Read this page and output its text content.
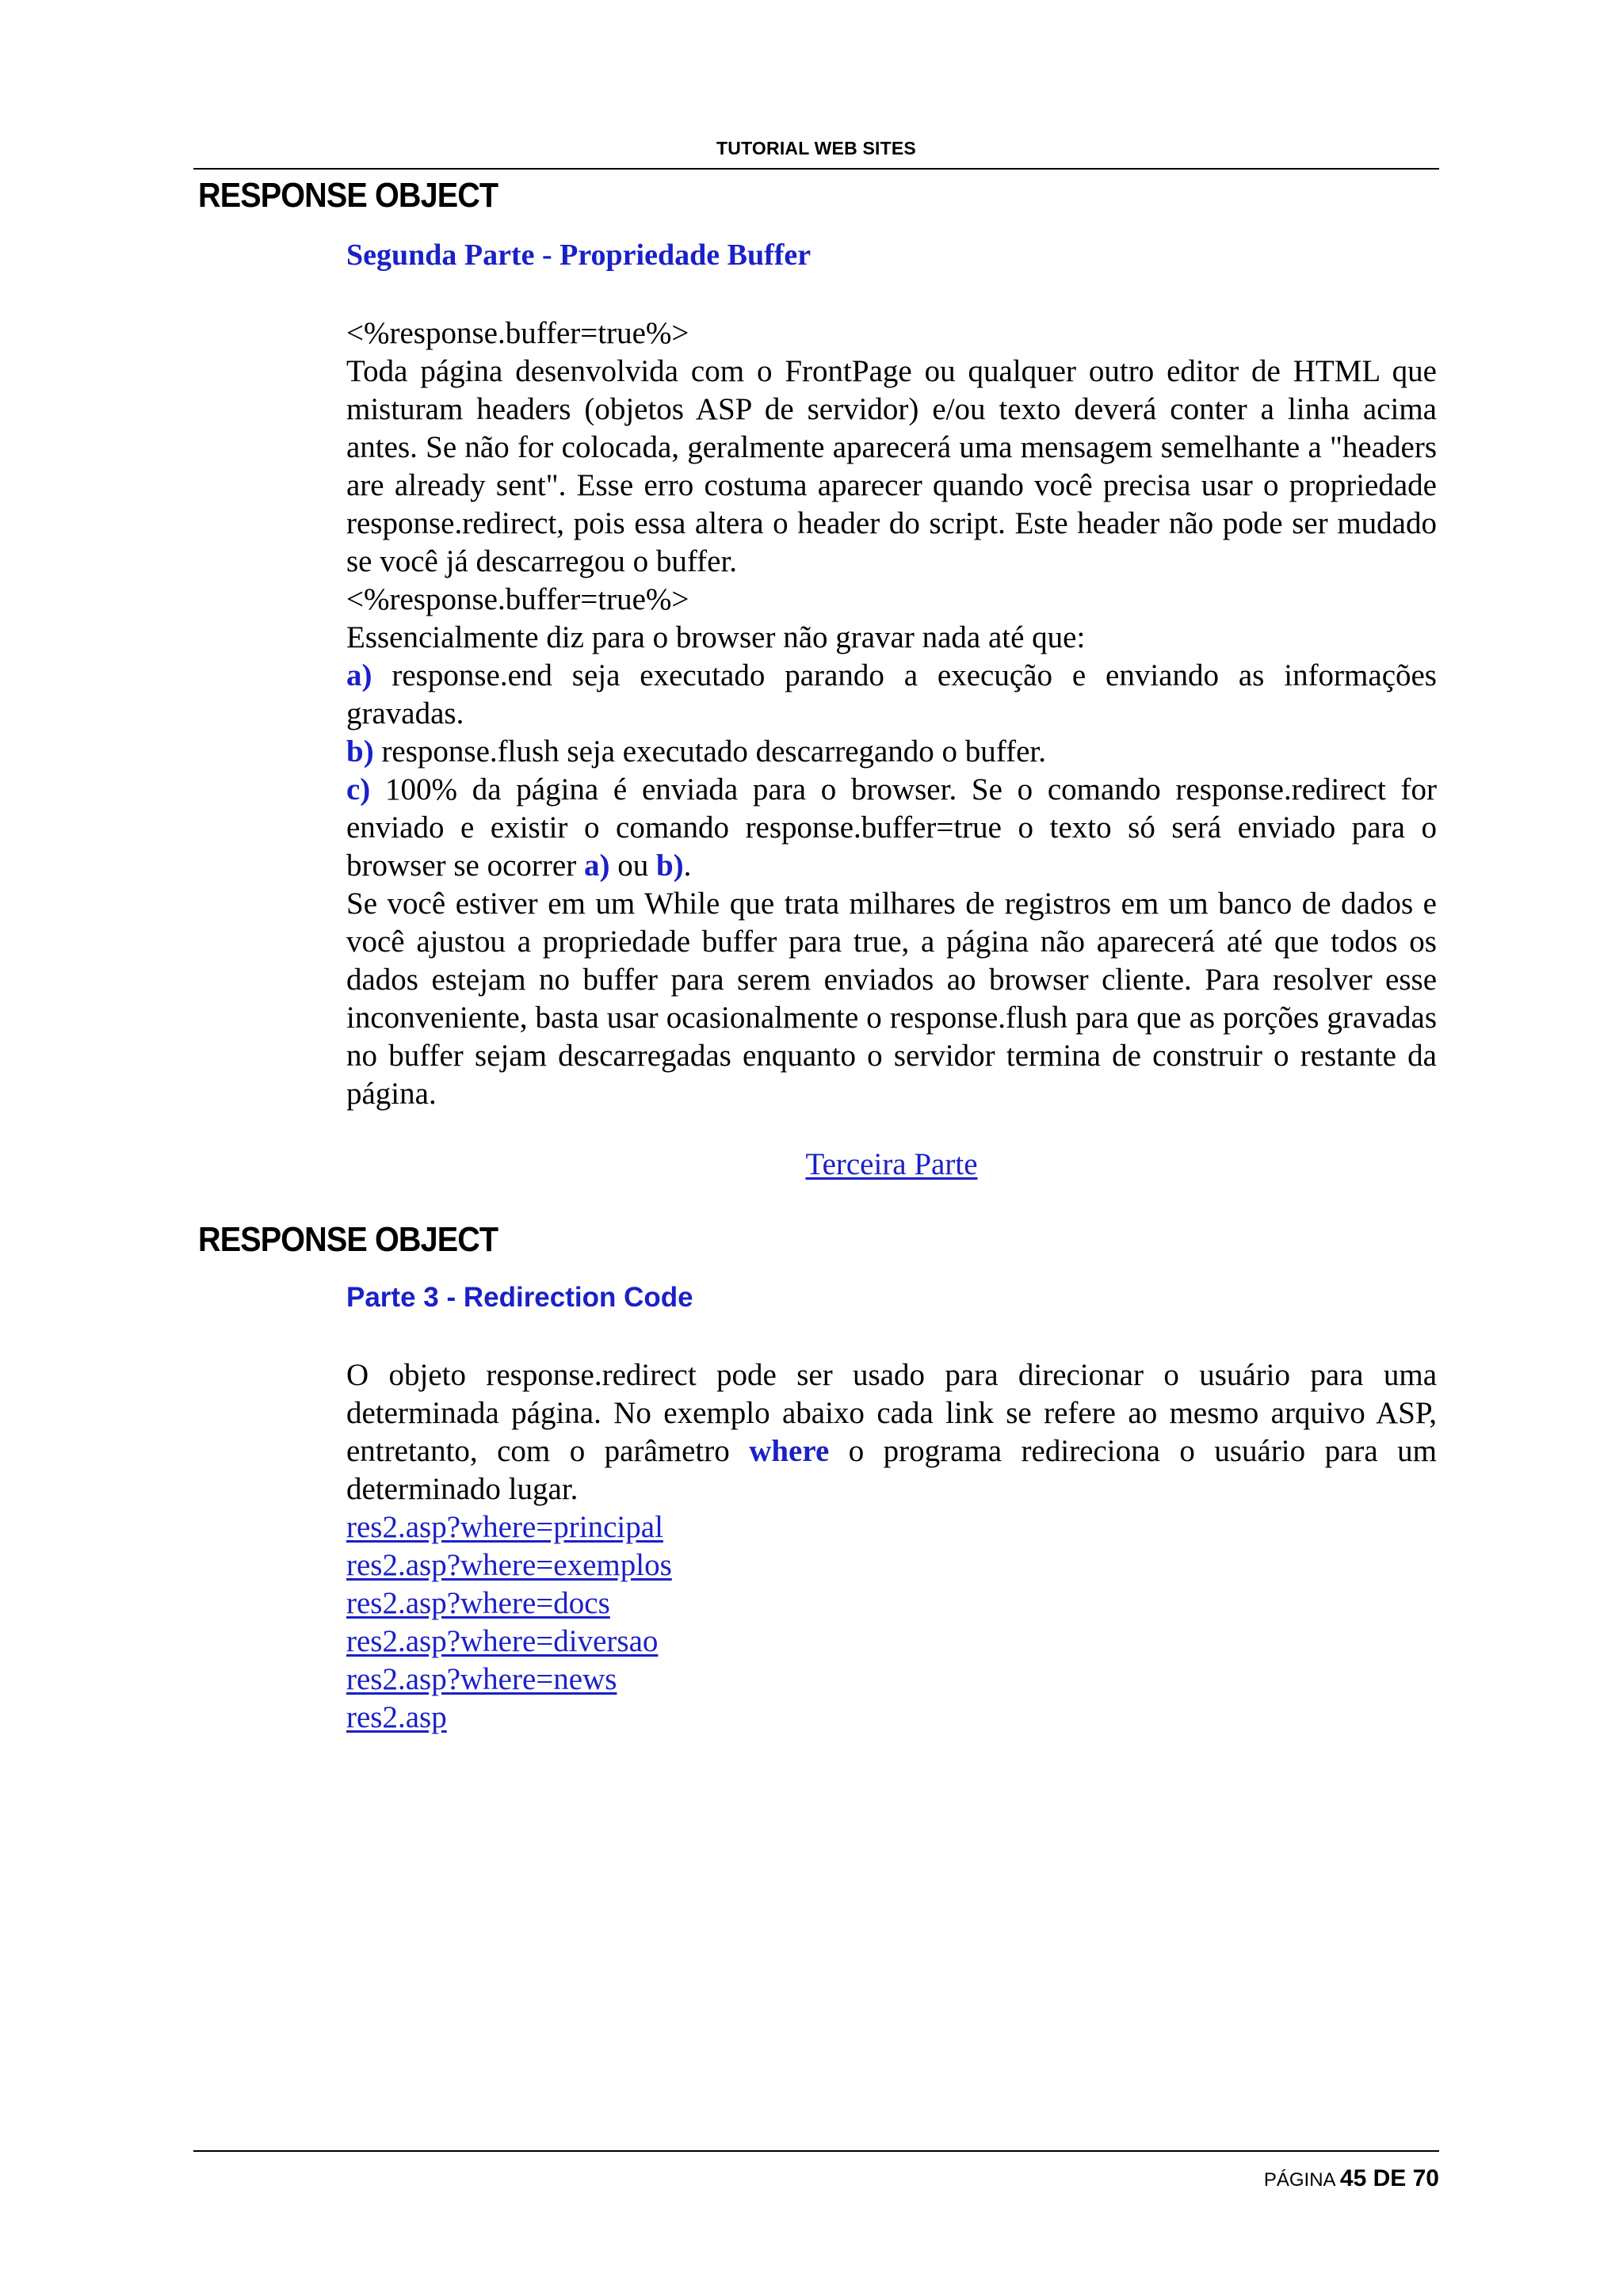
TUTORIAL WEB SITES
RESPONSE OBJECT
Segunda Parte - Propriedade Buffer

<%response.buffer=true%>

Toda página desenvolvida com o FrontPage ou qualquer outro editor de HTML que misturam headers (objetos ASP de servidor) e/ou texto deverá conter a linha acima antes. Se não for colocada, geralmente aparecerá uma mensagem semelhante a "headers are already sent". Esse erro costuma aparecer quando você precisa usar o propriedade response.redirect, pois essa altera o header do script. Este header não pode ser mudado se você já descarregou o buffer.

<%response.buffer=true%>

Essencialmente diz para o browser não gravar nada até que:

a) response.end seja executado parando a execução e enviando as informações gravadas.

b) response.flush seja executado descarregando o buffer.

c) 100% da página é enviada para o browser. Se o comando response.redirect for enviado e existir o comando response.buffer=true o texto só será enviado para o browser se ocorrer a) ou b).

Se você estiver em um While que trata milhares de registros em um banco de dados e você ajustou a propriedade buffer para true, a página não aparecerá até que todos os dados estejam no buffer para serem enviados ao browser cliente. Para resolver esse inconveniente, basta usar ocasionalmente o response.flush para que as porções gravadas no buffer sejam descarregadas enquanto o servidor termina de construir o restante da página.

Terceira Parte
RESPONSE OBJECT
Parte 3 - Redirection Code

O objeto response.redirect pode ser usado para direcionar o usuário para uma determinada página. No exemplo abaixo cada link se refere ao mesmo arquivo ASP, entretanto, com o parâmetro where o programa redireciona o usuário para um determinado lugar.

res2.asp?where=principal
res2.asp?where=exemplos
res2.asp?where=docs
res2.asp?where=diversao
res2.asp?where=news
res2.asp
PÁGINA 45 DE 70
